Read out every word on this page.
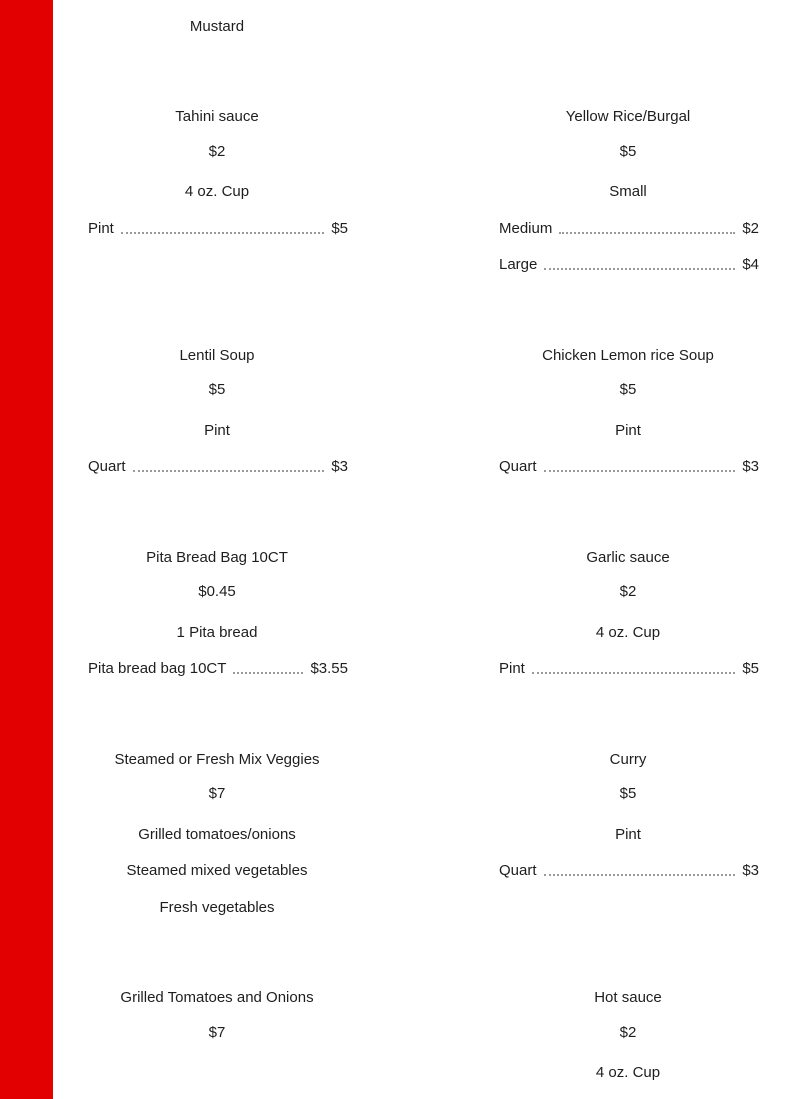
Mustard
Tahini sauce
$2
4 oz. Cup
Pint	$5
Yellow Rice/Burgal
$5
Small
Medium	$2
Large	$4
Lentil Soup
$5
Pint
Quart	$3
Chicken Lemon rice Soup
$5
Pint
Quart	$3
Pita Bread Bag 10CT
$0.45
1 Pita bread
Pita bread bag 10CT	$3.55
Garlic sauce
$2
4 oz. Cup
Pint	$5
Steamed or Fresh Mix Veggies
$7
Grilled tomatoes/onions
Steamed mixed vegetables
Fresh vegetables
Curry
$5
Pint
Quart	$3
Grilled Tomatoes and Onions
$7
Hot sauce
$2
4 oz. Cup
